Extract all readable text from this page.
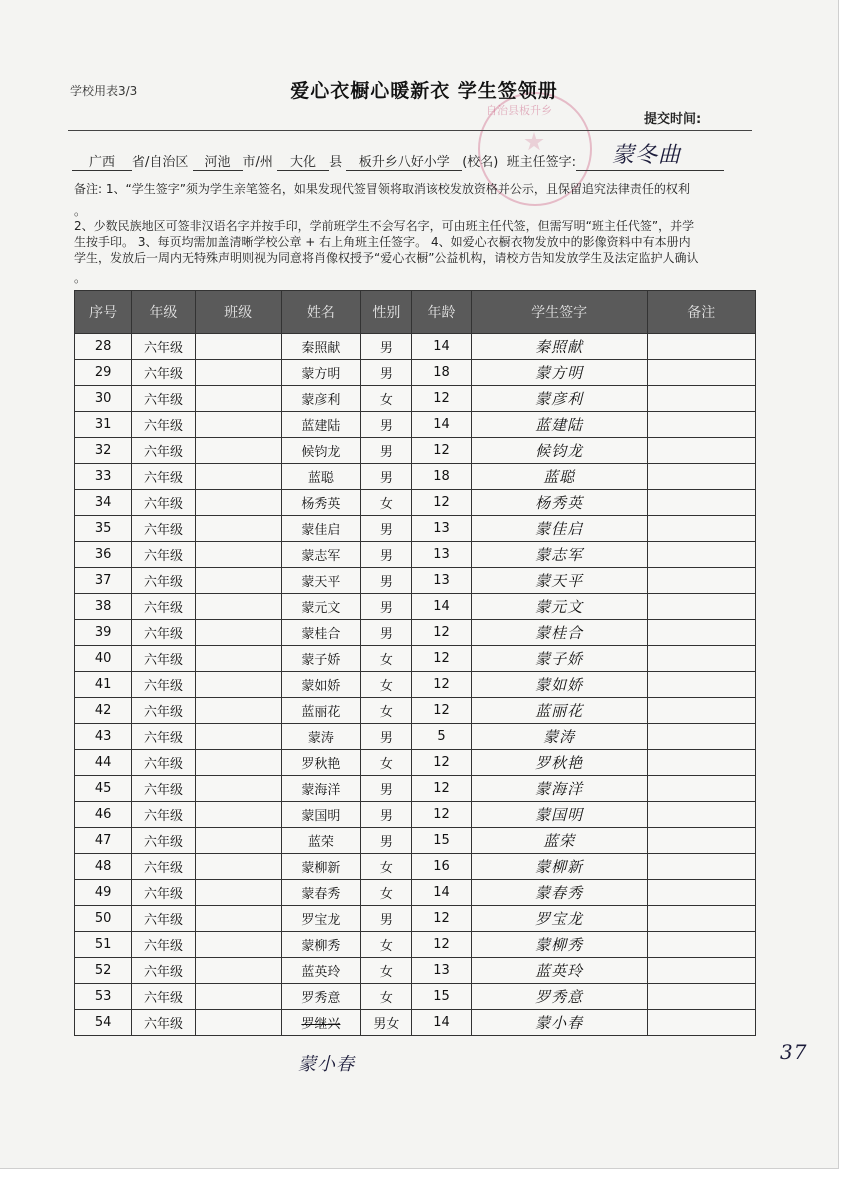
自治县板升乡
学校用表3/3	爱心衣橱心暖新衣 学生签领册
提交时间:
广西 省/自治区 河池 市/州 大化 县 板升乡八好小学 (校名) 班主任签字:	蒙冬曲
备注: 1、“学生签字”须为学生亲笔签名，如果发现代签冒领将取消该校发放资格并公示，且保留追究法律责任的权利
。
2、少数民族地区可签非汉语名字并按手印，学前班学生不会写名字，可由班主任代签，但需写明“班主任代签”，并学
生按手印。 3、每页均需加盖清晰学校公章 + 右上角班主任签字。 4、如爱心衣橱衣物发放中的影像资料中有本册内
学生，发放后一周内无特殊声明则视为同意将肖像权授予“爱心衣橱”公益机构，请校方告知发放学生及法定监护人确认
。
序号	年级	班级	姓名	性别	年龄	学生签字	备注
28	六年级		秦照献	男	14	秦照献	
29	六年级		蒙方明	男	18	蒙方明	
30	六年级		蒙彦利	女	12	蒙彦利	
31	六年级		蓝建陆	男	14	蓝建陆	
32	六年级		候钧龙	男	12	候钧龙	
33	六年级		蓝聪	男	18	蓝聪	
34	六年级		杨秀英	女	12	杨秀英	
35	六年级		蒙佳启	男	13	蒙佳启	
36	六年级		蒙志军	男	13	蒙志军	
37	六年级		蒙天平	男	13	蒙天平	
38	六年级		蒙元文	男	14	蒙元文	
39	六年级		蒙桂合	男	12	蒙桂合	
40	六年级		蒙子娇	女	12	蒙子娇	
41	六年级		蒙如娇	女	12	蒙如娇	
42	六年级		蓝丽花	女	12	蓝丽花	
43	六年级		蒙涛	男	5	蒙涛	
44	六年级		罗秋艳	女	12	罗秋艳	
45	六年级		蒙海洋	男	12	蒙海洋	
46	六年级		蒙国明	男	12	蒙国明	
47	六年级		蓝荣	男	15	蓝荣	
48	六年级		蒙柳新	女	16	蒙柳新	
49	六年级		蒙春秀	女	14	蒙春秀	
50	六年级		罗宝龙	男	12	罗宝龙	
51	六年级		蒙柳秀	女	12	蒙柳秀	
52	六年级		蓝英玲	女	13	蓝英玲	
53	六年级		罗秀意	女	15	罗秀意	
54	六年级		罗继兴	男女	14	蒙小春	
蒙小春
37
